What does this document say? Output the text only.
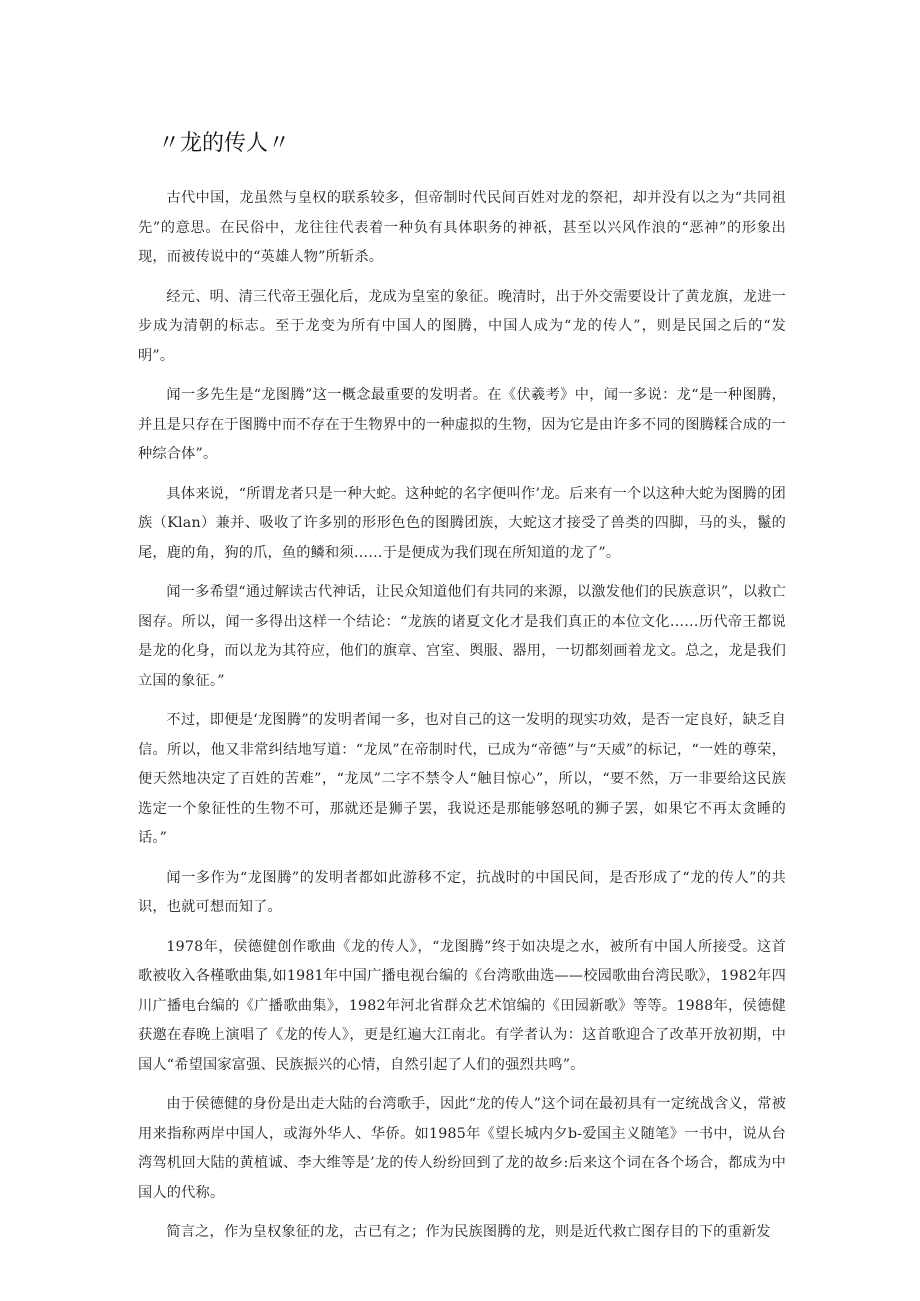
〃龙的传人〃

古代中国，龙虽然与皇权的联系较多，但帝制时代民间百姓对龙的祭祀，却并没有以之为“共同祖先”的意思。在民俗中，龙往往代表着一种负有具体职务的神祇，甚至以兴风作浪的“恶神”的形象出现，而被传说中的“英雄人物”所斩杀。

经元、明、清三代帝王强化后，龙成为皇室的象征。晚清时，出于外交需要设计了黄龙旗，龙进一步成为清朝的标志。至于龙变为所有中国人的图腾，中国人成为“龙的传人”，则是民国之后的“发明”。

闻一多先生是“龙图腾”这一概念最重要的发明者。在《伏羲考》中，闻一多说：龙“是一种图腾，并且是只存在于图腾中而不存在于生物界中的一种虚拟的生物，因为它是由许多不同的图腾糅合成的一种综合体”。

具体来说，“所谓龙者只是一种大蛇。这种蛇的名字便叫作’龙。后来有一个以这种大蛇为图腾的团族（Klan）兼并、吸收了许多别的形形色色的图腾团族，大蛇这才接受了兽类的四脚，马的头，鬣的尾，鹿的角，狗的爪，鱼的鳞和须……于是便成为我们现在所知道的龙了”。

闻一多希望“通过解读古代神话，让民众知道他们有共同的来源，以激发他们的民族意识”，以救亡图存。所以，闻一多得出这样一个结论：“龙族的诸夏文化才是我们真正的本位文化……历代帝王都说是龙的化身，而以龙为其符应，他们的旗章、宫室、舆服、器用，一切都刻画着龙文。总之，龙是我们立国的象征。”

不过，即便是‘龙图腾”的发明者闻一多，也对自己的这一发明的现实功效，是否一定良好，缺乏自信。所以，他又非常纠结地写道：“龙凤”在帝制时代，已成为“帝德”与“天威”的标记，“一姓的尊荣，便天然地决定了百姓的苦难”，“龙凤”二字不禁令人“触目惊心”，所以，“要不然，万一非要给这民族选定一个象征性的生物不可，那就还是狮子罢，我说还是那能够怒吼的狮子罢，如果它不再太贪睡的话。”

闻一多作为“龙图腾”的发明者都如此游移不定，抗战时的中国民间，是否形成了“龙的传人”的共识，也就可想而知了。

1978年，侯德健创作歌曲《龙的传人》，“龙图腾”终于如决堤之水，被所有中国人所接受。这首歌被收入各槿歌曲集,如1981年中国广播电视台编的《台湾歌曲选——校园歌曲台湾民歌》，1982年四川广播电台编的《广播歌曲集》，1982年河北省群众艺术馆编的《田园新歌》等等。1988年，侯德健获邀在春晚上演唱了《龙的传人》，更是红遍大江南北。有学者认为：这首歌迎合了改革开放初期，中国人“希望国家富强、民族振兴的心情，自然引起了人们的强烈共鸣”。

由于侯德健的身份是出走大陆的台湾歌手，因此“龙的传人”这个词在最初具有一定统战含义，常被用来指称两岸中国人，或海外华人、华侨。如1985年《望长城内夕b-爱国主义随笔》一书中，说从台湾驾机回大陆的黄植诚、李大维等是’龙的传人纷纷回到了龙的故乡:后来这个词在各个场合，都成为中国人的代称。

简言之，作为皇权象征的龙，古已有之；作为民族图腾的龙，则是近代救亡图存目的下的重新发
